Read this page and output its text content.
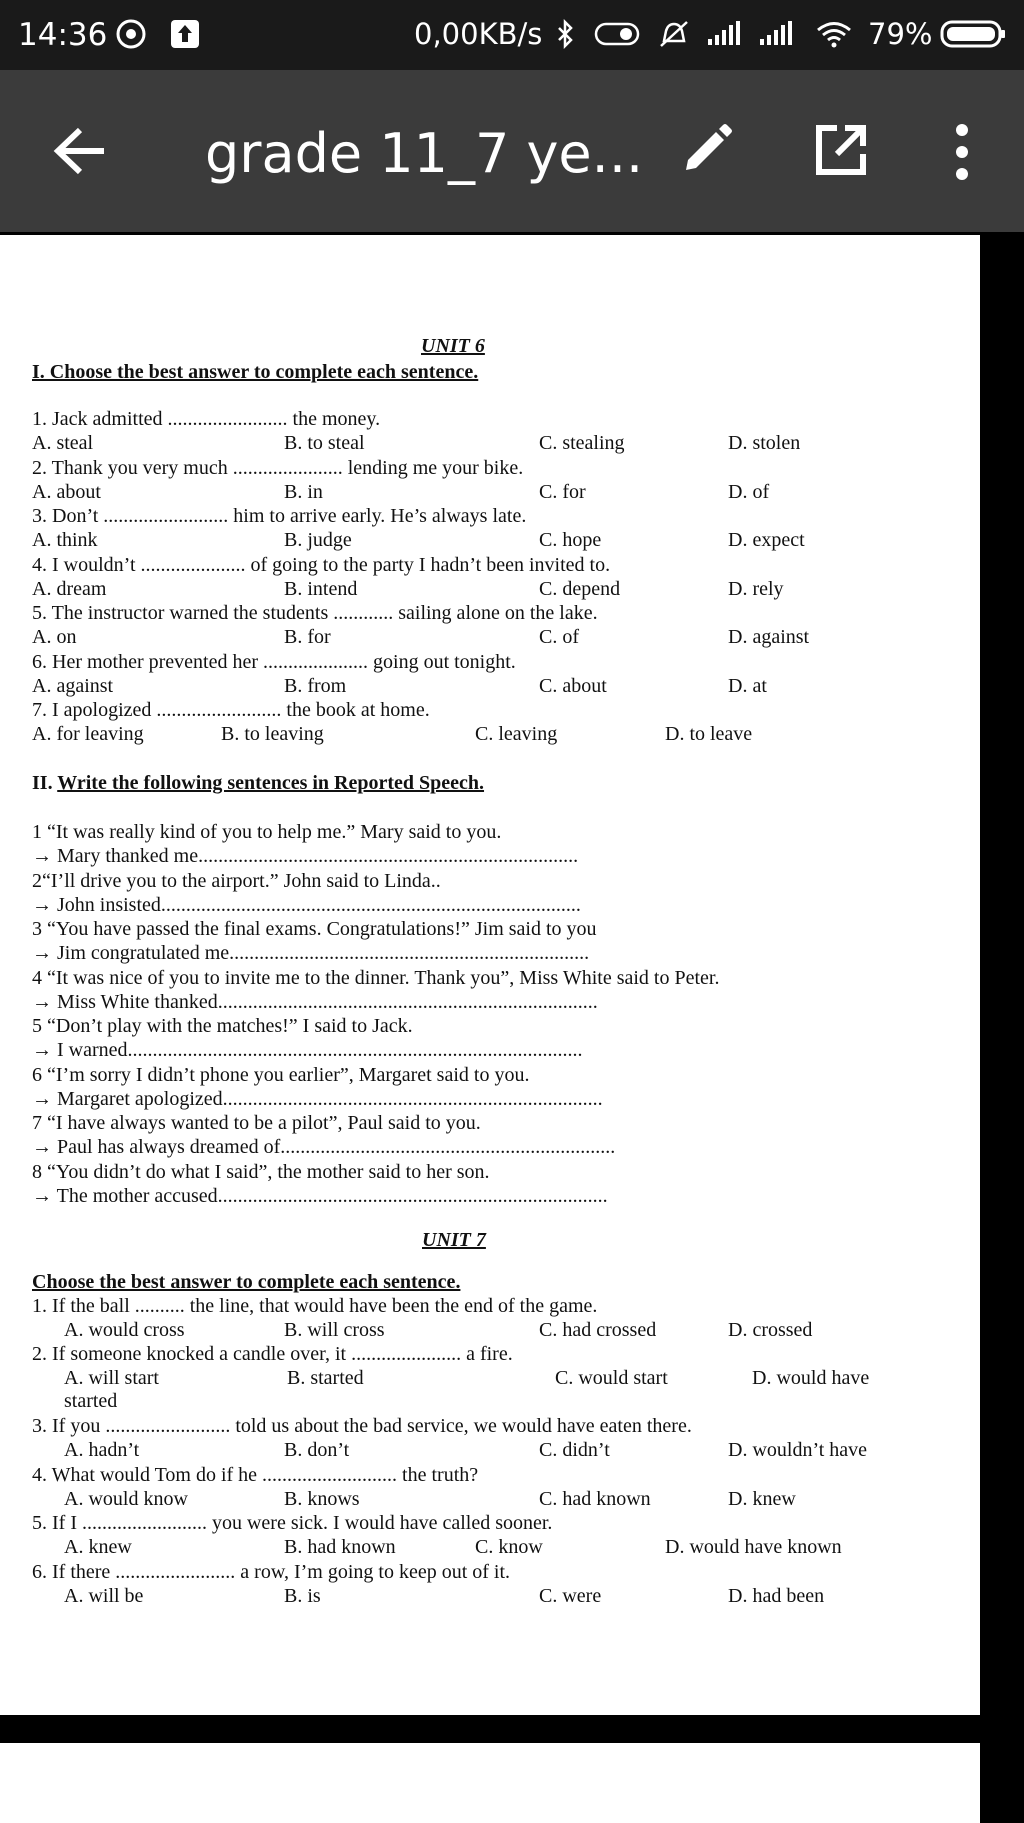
14:36	0,00KB/s	79%
grade 11_7 ye...
UNIT 6
I. Choose the best answer to complete each sentence.
1. Jack admitted ........................ the money.
A. steal	B. to steal	C. stealing	D. stolen
2. Thank you very much ...................... lending me your bike.
A. about	B. in	C. for	D. of
3. Don’t ......................... him to arrive early. He’s always late.
A. think	B. judge	C. hope	D. expect
4. I wouldn’t ..................... of going to the party I hadn’t been invited to.
A. dream	B. intend	C. depend	D. rely
5. The instructor warned the students ............ sailing alone on the lake.
A. on	B. for	C. of	D. against
6. Her mother prevented her ..................... going out tonight.
A. against	B. from	C. about	D. at
7. I apologized ......................... the book at home.
A. for leaving	B. to leaving	C. leaving	D. to leave
II. Write the following sentences in Reported Speech.
1 “It was really kind of you to help me.” Mary said to you.
→ Mary thanked me............................................................................
2“I’ll drive you to the airport.” John said to Linda..
→ John insisted....................................................................................
3 “You have passed the final exams. Congratulations!” Jim said to you
→ Jim congratulated me........................................................................
4 “It was nice of you to invite me to the dinner. Thank you”, Miss White said to Peter.
→ Miss White thanked............................................................................
5 “Don’t play with the matches!” I said to Jack.
→ I warned...........................................................................................
6 “I’m sorry I didn’t phone you earlier”, Margaret said to you.
→ Margaret apologized............................................................................
7 “I have always wanted to be a pilot”, Paul said to you.
→ Paul has always dreamed of...................................................................
8 “You didn’t do what I said”, the mother said to her son.
→ The mother accused..............................................................................
UNIT 7
Choose the best answer to complete each sentence.
1. If the ball .......... the line, that would have been the end of the game.
A. would cross	B. will cross	C. had crossed	D. crossed
2. If someone knocked a candle over, it ...................... a fire.
A. will start	B. started	C. would start	D. would have
started
3. If you ......................... told us about the bad service, we would have eaten there.
A. hadn’t	B. don’t	C. didn’t	D. wouldn’t have
4. What would Tom do if he ........................... the truth?
A. would know	B. knows	C. had known	D. knew
5. If I ......................... you were sick. I would have called sooner.
A. knew	B. had known	C. know	D. would have known
6. If there ........................ a row, I’m going to keep out of it.
A. will be	B. is	C. were	D. had been
